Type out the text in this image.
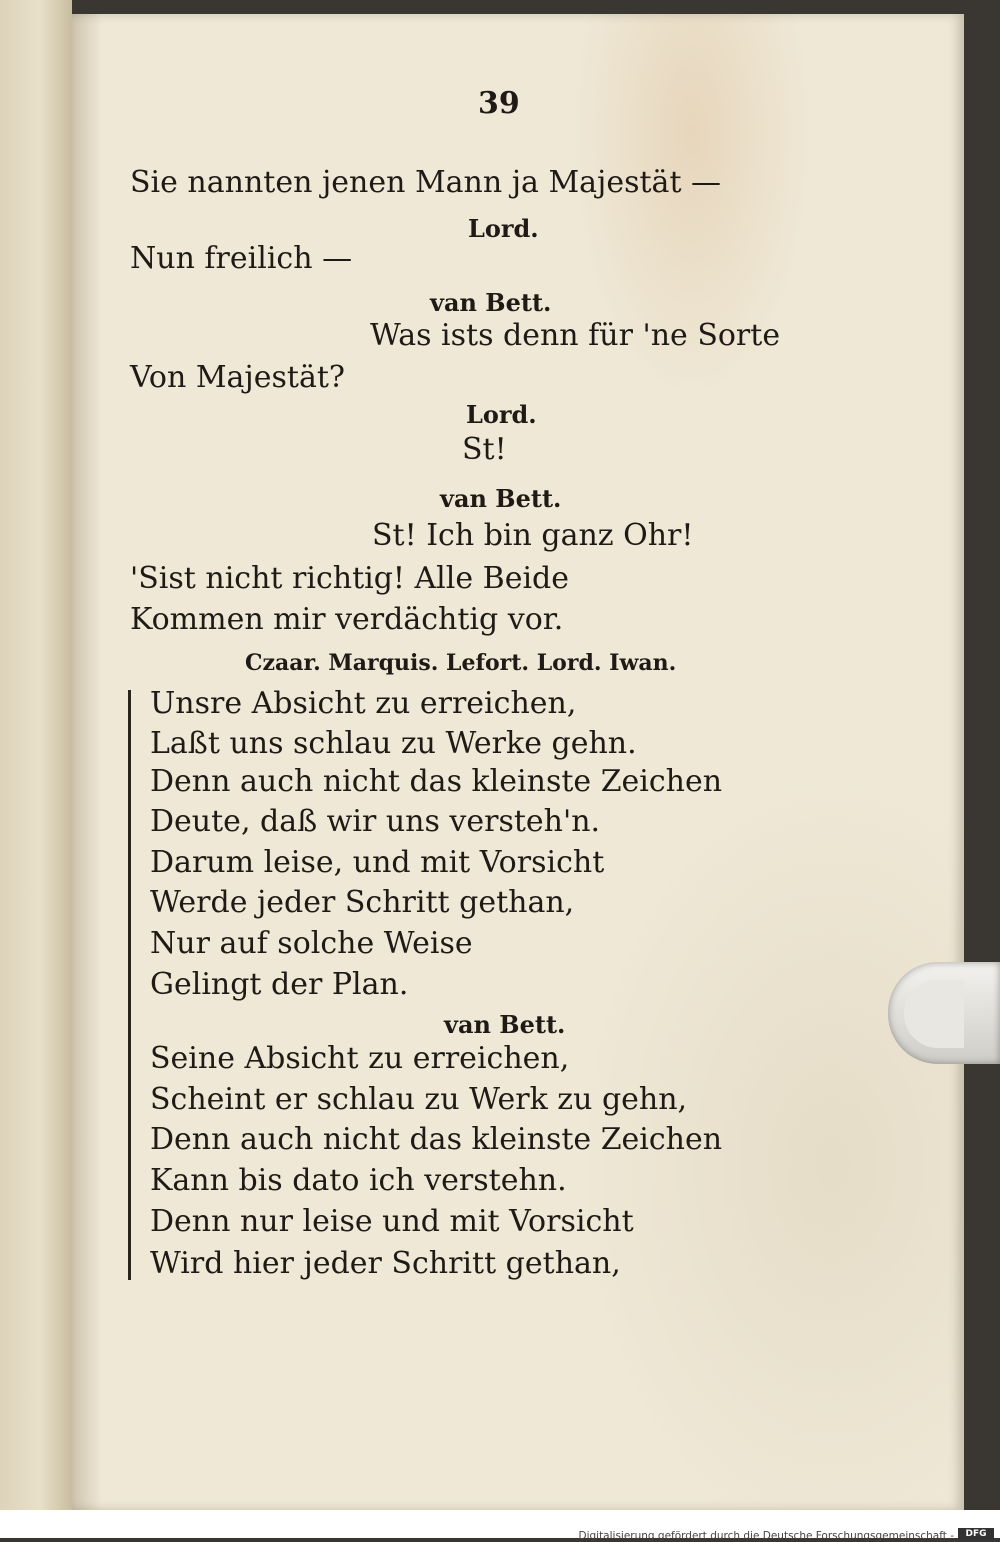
39
Sie nannten jenen Mann ja Majestät —
Lord.
Nun freilich —
van Bett.
Was ists denn für 'ne Sorte
Von Majestät?
Lord.
St!
van Bett.
St! Ich bin ganz Ohr!
'Sist nicht richtig! Alle Beide
Kommen mir verdächtig vor.
Czaar. Marquis. Lefort. Lord. Iwan.
Unsre Absicht zu erreichen,
Laßt uns schlau zu Werke gehn.
Denn auch nicht das kleinste Zeichen
Deute, daß wir uns versteh'n.
Darum leise, und mit Vorsicht
Werde jeder Schritt gethan,
Nur auf solche Weise
Gelingt der Plan.
van Bett.
Seine Absicht zu erreichen,
Scheint er schlau zu Werk zu gehn,
Denn auch nicht das kleinste Zeichen
Kann bis dato ich verstehn.
Denn nur leise und mit Vorsicht
Wird hier jeder Schritt gethan,
Digitalisierung gefördert durch die Deutsche Forschungsgemeinschaft -	DFG
